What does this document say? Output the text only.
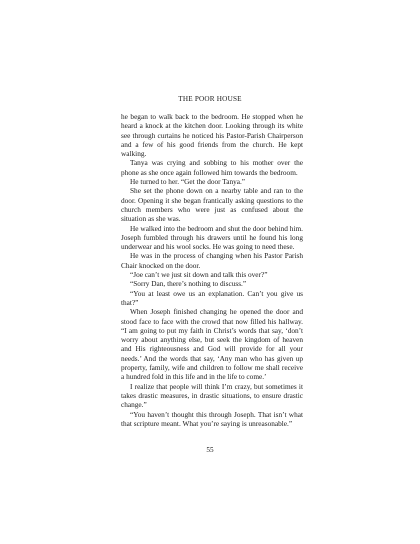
THE POOR HOUSE

he began to walk back to the bedroom. He stopped when he heard a knock at the kitchen door. Looking through its white see through curtains he noticed his Pastor-Parish Chairperson and a few of his good friends from the church. He kept walking.

Tanya was crying and sobbing to his mother over the phone as she once again followed him towards the bedroom.

He turned to her. “Get the door Tanya.”

She set the phone down on a nearby table and ran to the door. Opening it she began frantically asking questions to the church members who were just as confused about the situation as she was.

He walked into the bedroom and shut the door behind him. Joseph fumbled through his drawers until he found his long underwear and his wool socks. He was going to need these.

He was in the process of changing when his Pastor Parish Chair knocked on the door.

“Joe can’t we just sit down and talk this over?”

“Sorry Dan, there’s nothing to discuss.”

“You at least owe us an explanation. Can’t you give us that?”

When Joseph finished changing he opened the door and stood face to face with the crowd that now filled his hallway. “I am going to put my faith in Christ’s words that say, ‘don’t worry about anything else, but seek the kingdom of heaven and His righteousness and God will provide for all your needs.’ And the words that say, ‘Any man who has given up property, family, wife and children to follow me shall receive a hundred fold in this life and in the life to come.’

I realize that people will think I’m crazy, but sometimes it takes drastic measures, in drastic situations, to ensure drastic change.”

“You haven’t thought this through Joseph. That isn’t what that scripture meant. What you’re saying is unreasonable.”

55
